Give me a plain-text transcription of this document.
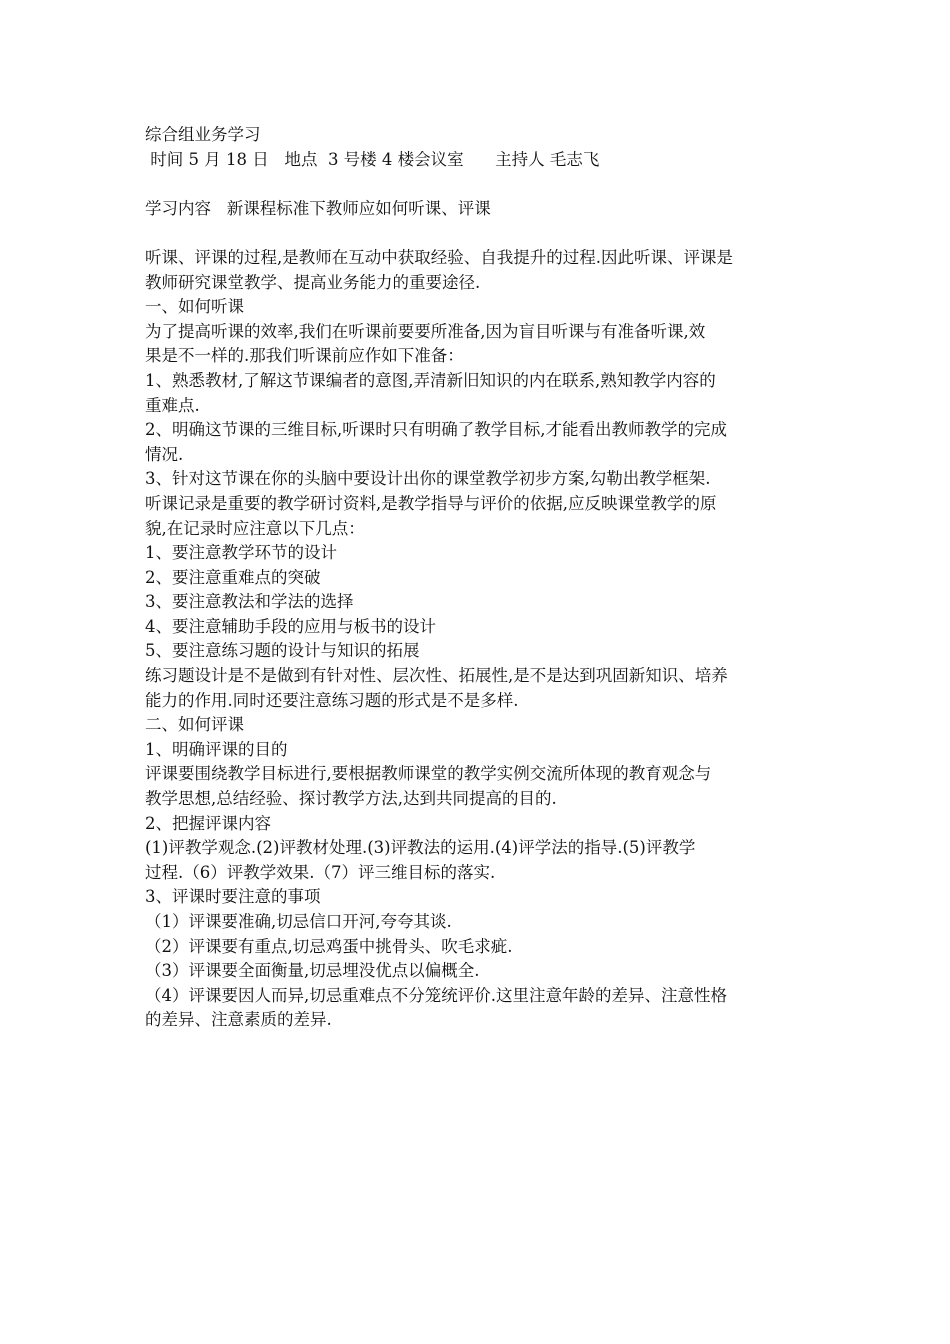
综合组业务学习
时间 5 月 18 日   地点  3 号楼 4 楼会议室      主持人 毛志飞
学习内容   新课程标准下教师应如何听课、评课
听课、评课的过程,是教师在互动中获取经验、自我提升的过程.因此听课、评课是
教师研究课堂教学、提高业务能力的重要途径.
一、如何听课
为了提高听课的效率,我们在听课前要要所准备,因为盲目听课与有准备听课,效
果是不一样的.那我们听课前应作如下准备：
1、熟悉教材,了解这节课编者的意图,弄清新旧知识的内在联系,熟知教学内容的
重难点.
2、明确这节课的三维目标,听课时只有明确了教学目标,才能看出教师教学的完成
情况.
3、针对这节课在你的头脑中要设计出你的课堂教学初步方案,勾勒出教学框架.
听课记录是重要的教学研讨资料,是教学指导与评价的依据,应反映课堂教学的原
貌,在记录时应注意以下几点：
1、要注意教学环节的设计
2、要注意重难点的突破
3、要注意教法和学法的选择
4、要注意辅助手段的应用与板书的设计
5、要注意练习题的设计与知识的拓展
练习题设计是不是做到有针对性、层次性、拓展性,是不是达到巩固新知识、培养
能力的作用.同时还要注意练习题的形式是不是多样.
二、如何评课
1、明确评课的目的
评课要围绕教学目标进行,要根据教师课堂的教学实例交流所体现的教育观念与
教学思想,总结经验、探讨教学方法,达到共同提高的目的.
2、把握评课内容
(1)评教学观念.(2)评教材处理.(3)评教法的运用.(4)评学法的指导.(5)评教学
过程.（6）评教学效果.（7）评三维目标的落实.
3、评课时要注意的事项
（1）评课要准确,切忌信口开河,夸夸其谈.
（2）评课要有重点,切忌鸡蛋中挑骨头、吹毛求疵.
（3）评课要全面衡量,切忌埋没优点以偏概全.
（4）评课要因人而异,切忌重难点不分笼统评价.这里注意年龄的差异、注意性格
的差异、注意素质的差异.
